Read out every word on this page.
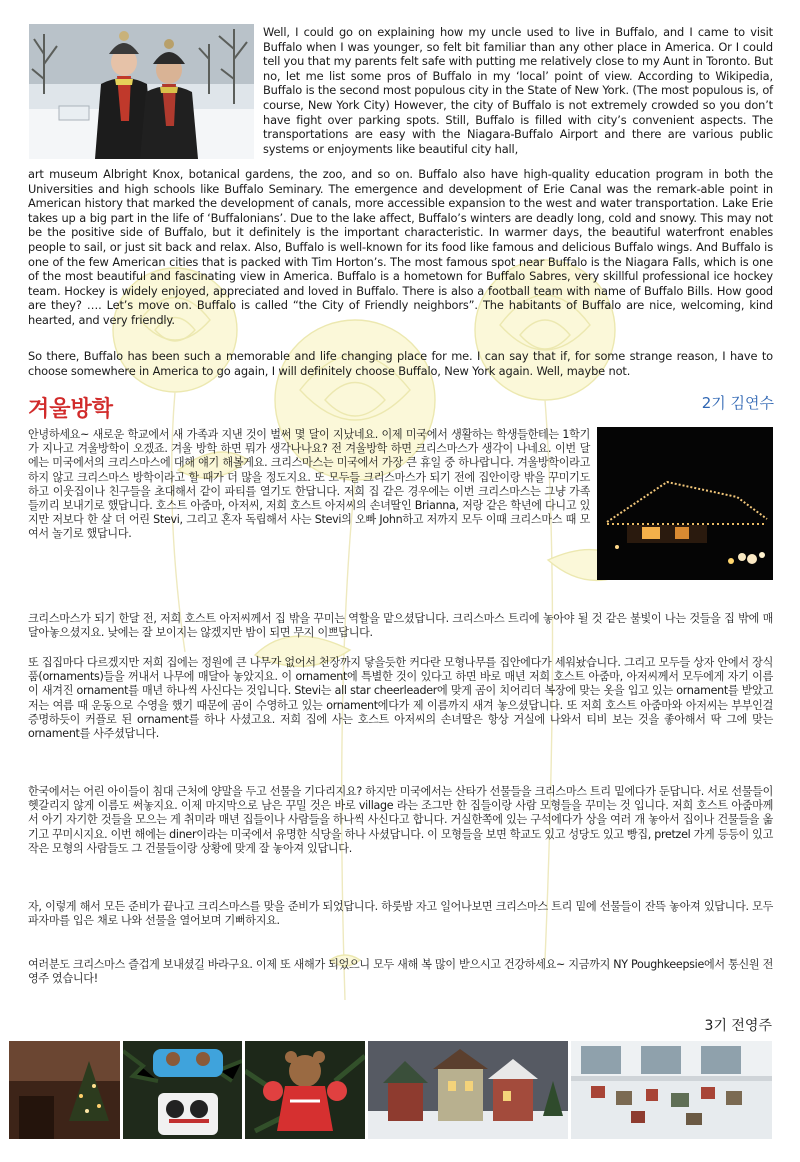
Well, I could go on explaining how my uncle used to live in Buffalo, and I came to visit Buffalo when I was younger, so felt bit familiar than any other place in America. Or I could tell you that my parents felt safe with putting me relatively close to my Aunt in Toronto. But no, let me list some pros of Buffalo in my ‘local’ point of view. According to Wikipedia, Buffalo is the second most populous city in the State of New York. (The most populous is, of course, New York City) However, the city of Buffalo is not extremely crowded so you don’t have fight over parking spots. Still, Buffalo is filled with city’s convenient aspects. The transportations are easy with the Niagara-Buffalo Airport and there are various public systems or enjoyments like beautiful city hall,

art museum Albright Knox, botanical gardens, the zoo, and so on. Buffalo also have high-quality education program in both the Universities and high schools like Buffalo Seminary. The emergence and development of Erie Canal was the remark-able point in American history that marked the development of canals, more accessible expansion to the west and water transportation. Lake Erie takes up a big part in the life of ‘Buffalonians’. Due to the lake affect, Buffalo’s winters are deadly long, cold and snowy. This may not be the positive side of Buffalo, but it definitely is the important characteristic. In warmer days, the beautiful waterfront enables people to sail, or just sit back and relax. Also, Buffalo is well-known for its food like famous and delicious Buffalo wings. And Buffalo is one of the few American cities that is packed with Tim Horton’s. The most famous spot near Buffalo is the Niagara Falls, which is one of the most beautiful and fascinating view in America. Buffalo is a hometown for Buffalo Sabres, very skillful professional ice hockey team. Hockey is widely enjoyed, appreciated and loved in Buffalo. There is also a football team with name of Buffalo Bills. How good are they? …. Let’s move on. Buffalo is called “the City of Friendly neighbors”. The habitants of Buffalo are nice, welcoming, kind hearted, and very friendly.

So there, Buffalo has been such a memorable and life changing place for me. I can say that if, for some strange reason, I have to choose somewhere in America to go again, I will definitely choose Buffalo, New York again. Well, maybe not.

겨울방학	2기 김연수

안녕하세요~ 새로운 학교에서 새 가족과 지낸 것이 벌써 몇 달이 지났네요. 이제 미국에서 생활하는 학생들한테는 1학기가 지나고 겨울방학이 오겠죠. 겨울 방학 하면 뭐가 생각나나요? 전 겨울방학 하면 크리스마스가 생각이 나네요. 이번 달에는 미국에서의 크리스마스에 대해 얘기 해볼게요. 크리스마스는 미국에서 가장 큰 휴일 중 하나랍니다. 겨울방학이라고 하지 않고 크리스마스 방학이라고 할 때가 더 많을 정도지요. 또 모두들 크리스마스가 되기 전에 집안이랑 밖을 꾸미기도 하고 이웃집이나 친구들을 초대해서 같이 파티를 열기도 한답니다. 저희 집 같은 경우에는 이번 크리스마스는 그냥 가족들끼리 보내기로 했답니다. 호스트 아줌마, 아저씨, 저희 호스트 아저씨의 손녀딸인 Brianna, 저랑 같은 학년에 다니고 있지만 저보다 한 살 더 어린 Stevi, 그리고 혼자 독립해서 사는 Stevi의 오빠 John하고 저까지 모두 이때 크리스마스 때 모여서 놀기로 했답니다.

크리스마스가 되기 한달 전, 저희 호스트 아저씨께서 집 밖을 꾸미는 역할을 맡으셨답니다. 크리스마스 트리에 놓아야 될 것 같은 불빛이 나는 것들을 집 밖에 매달아놓으셨지요. 낮에는 잘 보이지는 않겠지만 밤이 되면 무지 이쁘답니다.

또 집집마다 다르겠지만 저희 집에는 정원에 큰 나무가 없어서 천장까지 닿을듯한 커다란 모형나무를 집안에다가 세워놨습니다. 그리고 모두들 상자 안에서 장식품(ornaments)들을 꺼내서 나무에 매달아 놓았지요. 이 ornament에 특별한 것이 있다고 하면 바로 매년 저희 호스트 아줌마, 아저씨께서 모두에게 자기 이름이 새겨진 ornament를 매년 하나씩 사신다는 것입니다. Stevi는 all star cheerleader에 맞게 곰이 치어리더 복장에 맞는 옷을 입고 있는 ornament를 받았고 저는 여름 때 운동으로 수영을 했기 때문에 곰이 수영하고 있는 ornament에다가 제 이름까지 새겨 놓으셨답니다. 또 저희 호스트 아줌마와 아저씨는 부부인걸 증명하듯이 커플로 된 ornament를 하나 사셨고요. 저희 집에 사는 호스트 아저씨의 손녀딸은 항상 거실에 나와서 티비 보는 것을 좋아해서 딱 그에 맞는 ornament를 사주셨답니다.

한국에서는 어린 아이들이 침대 근처에 양말을 두고 선물을 기다리지요? 하지만 미국에서는 산타가 선물들을 크리스마스 트리 밑에다가 둔답니다. 서로 선물들이 헷갈리지 않게 이름도 써놓지요. 이제 마지막으로 남은 꾸밀 것은 바로 village 라는 조그만 한 집들이랑 사람 모형들을 꾸미는 것 입니다. 저희 호스트 아줌마께서 아기 자기한 것들을 모으는 게 취미라 매년 집들이나 사람들을 하나씩 사신다고 합니다. 거실한쪽에 있는 구석에다가 상을 여러 개 놓아서 집이나 건물들을 옮기고 꾸미시지요. 이번 해에는 diner이라는 미국에서 유명한 식당을 하나 사셨답니다. 이 모형들을 보면 학교도 있고 성당도 있고 빵집, pretzel 가게 등등이 있고 작은 모형의 사람들도 그 건물들이랑 상황에 맞게 잘 놓아져 있답니다.

자, 이렇게 해서 모든 준비가 끝나고 크리스마스를 맞을 준비가 되었답니다. 하룻밤 자고 일어나보면 크리스마스 트리 밑에 선물들이 잔뜩 놓아져 있답니다. 모두 파자마를 입은 채로 나와 선물을 열어보며 기뻐하지요.

여러분도 크리스마스 즐겁게 보내셨길 바라구요. 이제 또 새해가 되었으니 모두 새해 복 많이 받으시고 건강하세요~ 지금까지 NY Poughkeepsie에서 통신원 전영주 였습니다!

3기 전영주
